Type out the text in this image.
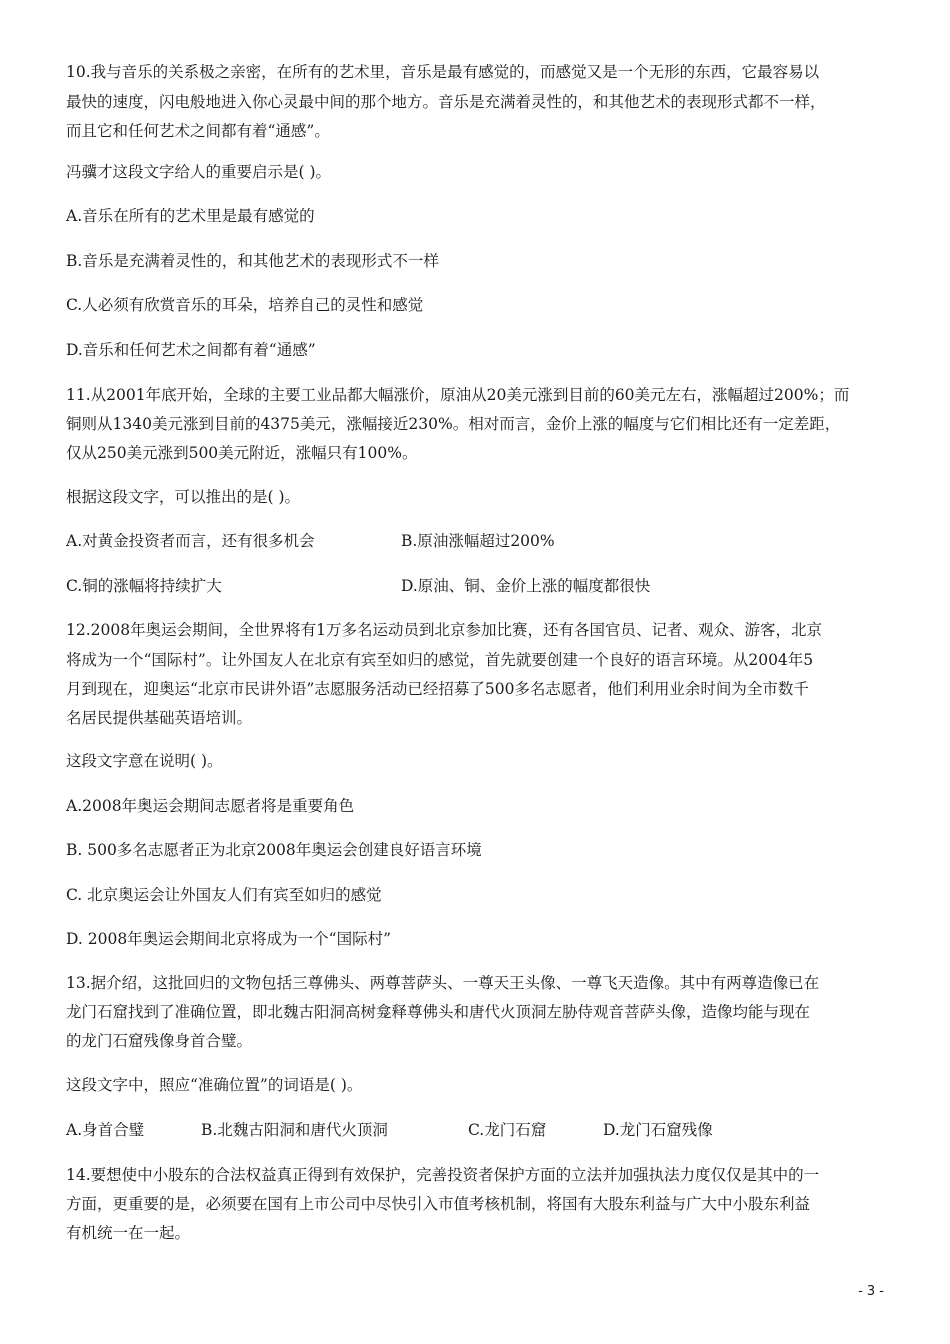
10.我与音乐的关系极之亲密，在所有的艺术里，音乐是最有感觉的，而感觉又是一个无形的东西，它最容易以
最快的速度，闪电般地进入你心灵最中间的那个地方。音乐是充满着灵性的，和其他艺术的表现形式都不一样，
而且它和任何艺术之间都有着“通感”。
冯骥才这段文字给人的重要启示是( )。
A.音乐在所有的艺术里是最有感觉的
B.音乐是充满着灵性的，和其他艺术的表现形式不一样
C.人必须有欣赏音乐的耳朵，培养自己的灵性和感觉
D.音乐和任何艺术之间都有着“通感”
11.从2001年底开始，全球的主要工业品都大幅涨价，原油从20美元涨到目前的60美元左右，涨幅超过200%；而
铜则从1340美元涨到目前的4375美元，涨幅接近230%。相对而言，金价上涨的幅度与它们相比还有一定差距，
仅从250美元涨到500美元附近，涨幅只有100%。
根据这段文字，可以推出的是( )。
A.对黄金投资者而言，还有很多机会	B.原油涨幅超过200%
C.铜的涨幅将持续扩大	D.原油、铜、金价上涨的幅度都很快
12.2008年奥运会期间，全世界将有1万多名运动员到北京参加比赛，还有各国官员、记者、观众、游客，北京
将成为一个“国际村”。让外国友人在北京有宾至如归的感觉，首先就要创建一个良好的语言环境。从2004年5
月到现在，迎奥运“北京市民讲外语”志愿服务活动已经招募了500多名志愿者，他们利用业余时间为全市数千
名居民提供基础英语培训。
这段文字意在说明( )。
A.2008年奥运会期间志愿者将是重要角色
B. 500多名志愿者正为北京2008年奥运会创建良好语言环境
C. 北京奥运会让外国友人们有宾至如归的感觉
D. 2008年奥运会期间北京将成为一个“国际村”
13.据介绍，这批回归的文物包括三尊佛头、两尊菩萨头、一尊天王头像、一尊飞天造像。其中有两尊造像已在
龙门石窟找到了准确位置，即北魏古阳洞高树龛释尊佛头和唐代火顶洞左胁侍观音菩萨头像，造像均能与现在
的龙门石窟残像身首合璧。
这段文字中，照应“准确位置”的词语是( )。
A.身首合璧	B.北魏古阳洞和唐代火顶洞	C.龙门石窟	D.龙门石窟残像
14.要想使中小股东的合法权益真正得到有效保护，完善投资者保护方面的立法并加强执法力度仅仅是其中的一
方面，更重要的是，必须要在国有上市公司中尽快引入市值考核机制，将国有大股东利益与广大中小股东利益
有机统一在一起。
- 3 -
